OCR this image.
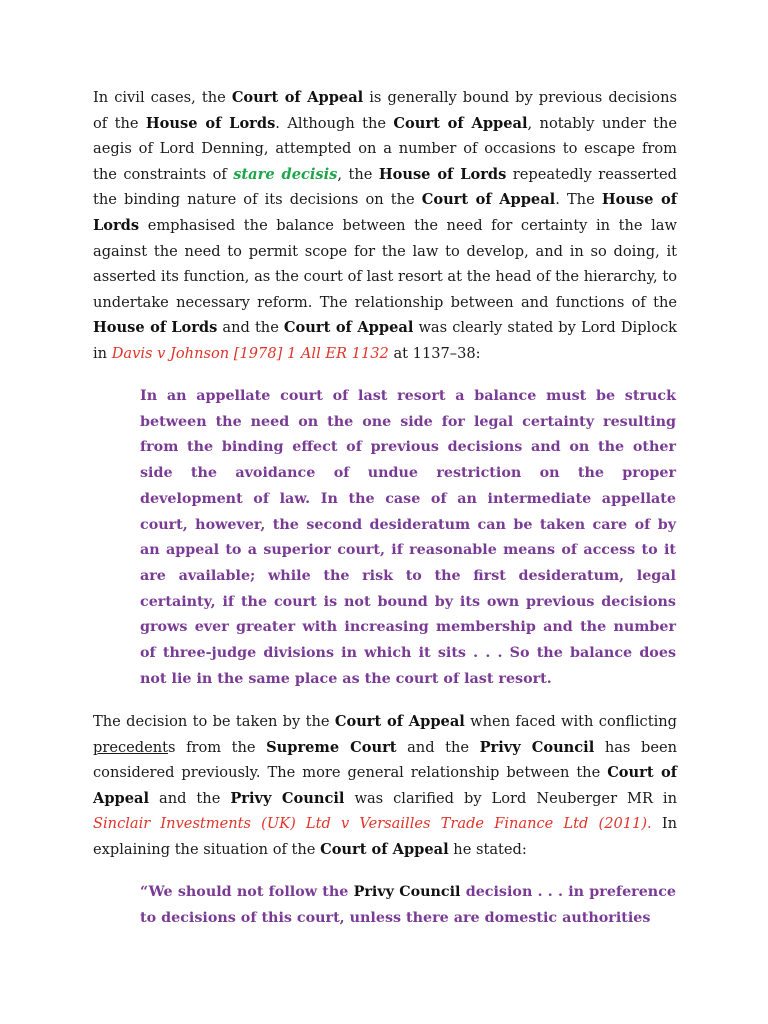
In civil cases, the Court of Appeal is generally bound by previous decisions of the House of Lords. Although the Court of Appeal, notably under the aegis of Lord Denning, attempted on a number of occasions to escape from the constraints of stare decisis, the House of Lords repeatedly reasserted the binding nature of its decisions on the Court of Appeal. The House of Lords emphasised the balance between the need for certainty in the law against the need to permit scope for the law to develop, and in so doing, it asserted its function, as the court of last resort at the head of the hierarchy, to undertake necessary reform. The relationship between and functions of the House of Lords and the Court of Appeal was clearly stated by Lord Diplock in Davis v Johnson [1978] 1 All ER 1132 at 1137–38:

In an appellate court of last resort a balance must be struck between the need on the one side for legal certainty resulting from the binding effect of previous decisions and on the other side the avoidance of undue restriction on the proper development of law. In the case of an intermediate appellate court, however, the second desideratum can be taken care of by an appeal to a superior court, if reasonable means of access to it are available; while the risk to the first desideratum, legal certainty, if the court is not bound by its own previous decisions grows ever greater with increasing membership and the number of three-judge divisions in which it sits . . . So the balance does not lie in the same place as the court of last resort.

The decision to be taken by the Court of Appeal when faced with conflicting precedents from the Supreme Court and the Privy Council has been considered previously. The more general relationship between the Court of Appeal and the Privy Council was clarified by Lord Neuberger MR in Sinclair Investments (UK) Ltd v Versailles Trade Finance Ltd (2011). In explaining the situation of the Court of Appeal he stated:

“We should not follow the Privy Council decision . . . in preference to decisions of this court, unless there are domestic authorities
